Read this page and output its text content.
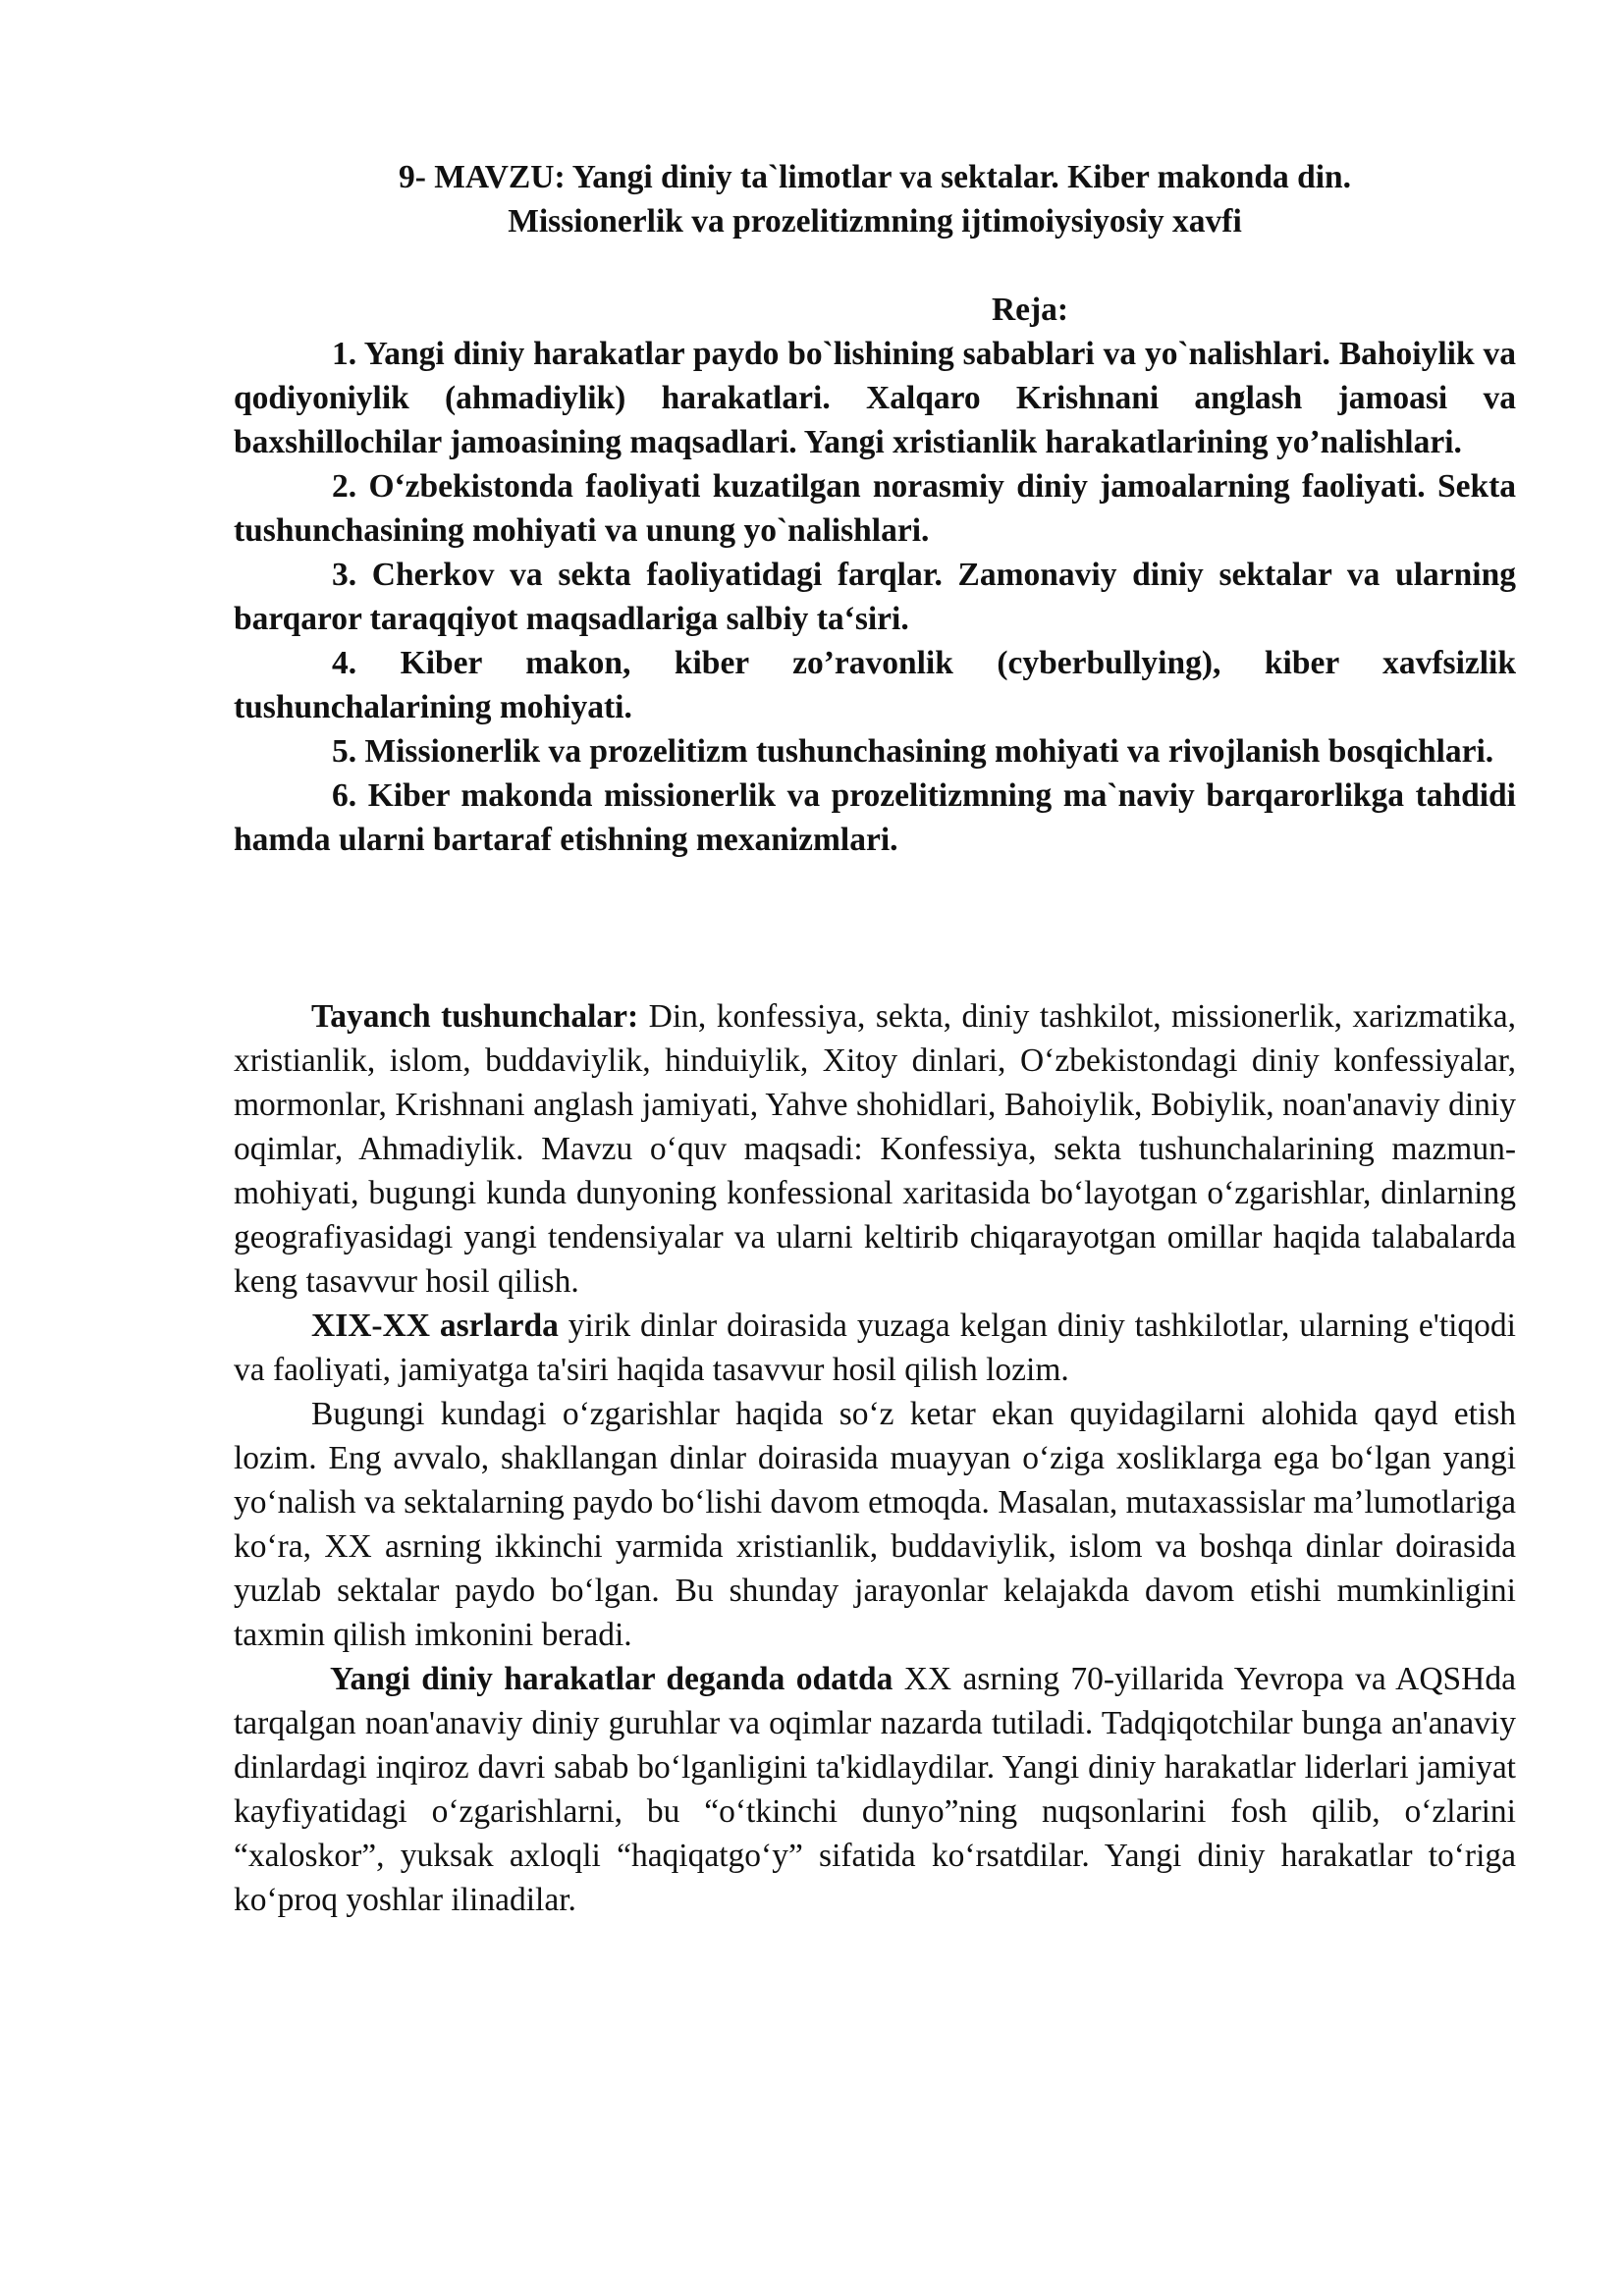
9- MAVZU: Yangi diniy ta`limotlar va sektalar. Kiber makonda din.
Missionerlik va prozelitizmning ijtimoiysiyosiy xavfi

Reja:

1. Yangi diniy harakatlar paydo bo`lishining sabablari va yo`nalishlari. Bahoiylik va qodiyoniylik (ahmadiylik) harakatlari. Xalqaro Krishnani anglash jamoasi va baxshillochilar jamoasining maqsadlari. Yangi xristianlik harakatlarining yo’nalishlari.

2. O‘zbekistonda faoliyati kuzatilgan norasmiy diniy jamoalarning faoliyati. Sekta tushunchasining mohiyati va unung yo`nalishlari.

3. Cherkov va sekta faoliyatidagi farqlar. Zamonaviy diniy sektalar va ularning barqaror taraqqiyot maqsadlariga salbiy ta‘siri.

4. Kiber makon, kiber zo’ravonlik (cyberbullying), kiber xavfsizlik tushunchalarining mohiyati.

5. Missionerlik va prozelitizm tushunchasining mohiyati va rivojlanish bosqichlari.

6. Kiber makonda missionerlik va prozelitizmning ma`naviy barqarorlikga tahdidi hamda ularni bartaraf etishning mexanizmlari.

Tayanch tushunchalar: Din, konfessiya, sekta, diniy tashkilot, missionerlik, xarizmatika, xristianlik, islom, buddaviylik, hinduiylik, Xitoy dinlari, O‘zbekistondagi diniy konfessiyalar, mormonlar, Krishnani anglash jamiyati, Yahve shohidlari, Bahoiylik, Bobiylik, noan'anaviy diniy oqimlar, Ahmadiylik. Mavzu o‘quv maqsadi: Konfessiya, sekta tushunchalarining mazmun-mohiyati, bugungi kunda dunyoning konfessional xaritasida bo‘layotgan o‘zgarishlar, dinlarning geografiyasidagi yangi tendensiyalar va ularni keltirib chiqarayotgan omillar haqida talabalarda keng tasavvur hosil qilish.

XIX-XX asrlarda yirik dinlar doirasida yuzaga kelgan diniy tashkilotlar, ularning e'tiqodi va faoliyati, jamiyatga ta'siri haqida tasavvur hosil qilish lozim.

Bugungi kundagi o‘zgarishlar haqida so‘z ketar ekan quyidagilarni alohida qayd etish lozim. Eng avvalo, shakllangan dinlar doirasida muayyan o‘ziga xosliklarga ega bo‘lgan yangi yo‘nalish va sektalarning paydo bo‘lishi davom etmoqda. Masalan, mutaxassislar ma’lumotlariga ko‘ra, XX asrning ikkinchi yarmida xristianlik, buddaviylik, islom va boshqa dinlar doirasida yuzlab sektalar paydo bo‘lgan. Bu shunday jarayonlar kelajakda davom etishi mumkinligini taxmin qilish imkonini beradi.

Yangi diniy harakatlar deganda odatda XX asrning 70-yillarida Yevropa va AQSHda tarqalgan noan'anaviy diniy guruhlar va oqimlar nazarda tutiladi. Tadqiqotchilar bunga an'anaviy dinlardagi inqiroz davri sabab bo‘lganligini ta'kidlaydilar. Yangi diniy harakatlar liderlari jamiyat kayfiyatidagi o‘zgarishlarni, bu “o‘tkinchi dunyo”ning nuqsonlarini fosh qilib, o‘zlarini “xaloskor”, yuksak axloqli “haqiqatgo‘y” sifatida ko‘rsatdilar. Yangi diniy harakatlar to‘riga ko‘proq yoshlar ilinadilar.
